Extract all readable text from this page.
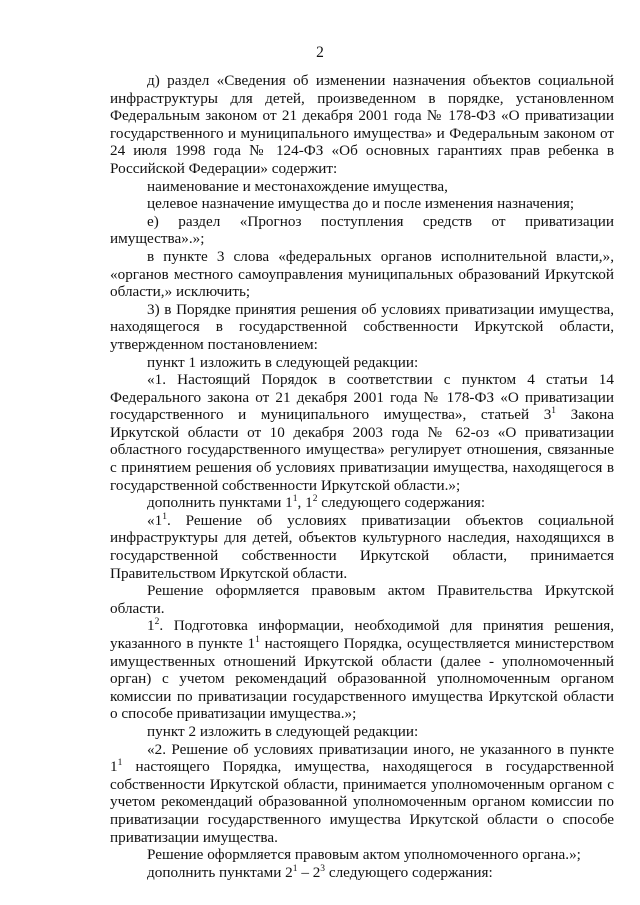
2

д) раздел «Сведения об изменении назначения объектов социальной инфраструктуры для детей, произведенном в порядке, установленном Федеральным законом от 21 декабря 2001 года № 178-ФЗ «О приватизации государственного и муниципального имущества» и Федеральным законом от 24 июля 1998 года № 124-ФЗ «Об основных гарантиях прав ребенка в Российской Федерации» содержит:

наименование и местонахождение имущества,

целевое назначение имущества до и после изменения назначения;

е) раздел «Прогноз поступления средств от приватизации имущества».»;

в пункте 3 слова «федеральных органов исполнительной власти,», «органов местного самоуправления муниципальных образований Иркутской области,» исключить;

3) в Порядке принятия решения об условиях приватизации имущества, находящегося в государственной собственности Иркутской области, утвержденном постановлением:

пункт 1 изложить в следующей редакции:

«1. Настоящий Порядок в соответствии с пунктом 4 статьи 14 Федерального закона от 21 декабря 2001 года № 178-ФЗ «О приватизации государственного и муниципального имущества», статьей $3^1$ Закона Иркутской области от 10 декабря 2003 года № 62-оз «О приватизации областного государственного имущества» регулирует отношения, связанные с принятием решения об условиях приватизации имущества, находящегося в государственной собственности Иркутской области.»;

дополнить пунктами $1^1$, $1^2$ следующего содержания:

«$1^1$. Решение об условиях приватизации объектов социальной инфраструктуры для детей, объектов культурного наследия, находящихся в государственной собственности Иркутской области, принимается Правительством Иркутской области.

Решение оформляется правовым актом Правительства Иркутской области.

$1^2$. Подготовка информации, необходимой для принятия решения, указанного в пункте $1^1$ настоящего Порядка, осуществляется министерством имущественных отношений Иркутской области (далее - уполномоченный орган) с учетом рекомендаций образованной уполномоченным органом комиссии по приватизации государственного имущества Иркутской области о способе приватизации имущества.»;

пункт 2 изложить в следующей редакции:

«2. Решение об условиях приватизации иного, не указанного в пункте $1^1$ настоящего Порядка, имущества, находящегося в государственной собственности Иркутской области, принимается уполномоченным органом с учетом рекомендаций образованной уполномоченным органом комиссии по приватизации государственного имущества Иркутской области о способе приватизации имущества.

Решение оформляется правовым актом уполномоченного органа.»;

дополнить пунктами $2^1 - 2^3$ следующего содержания:
